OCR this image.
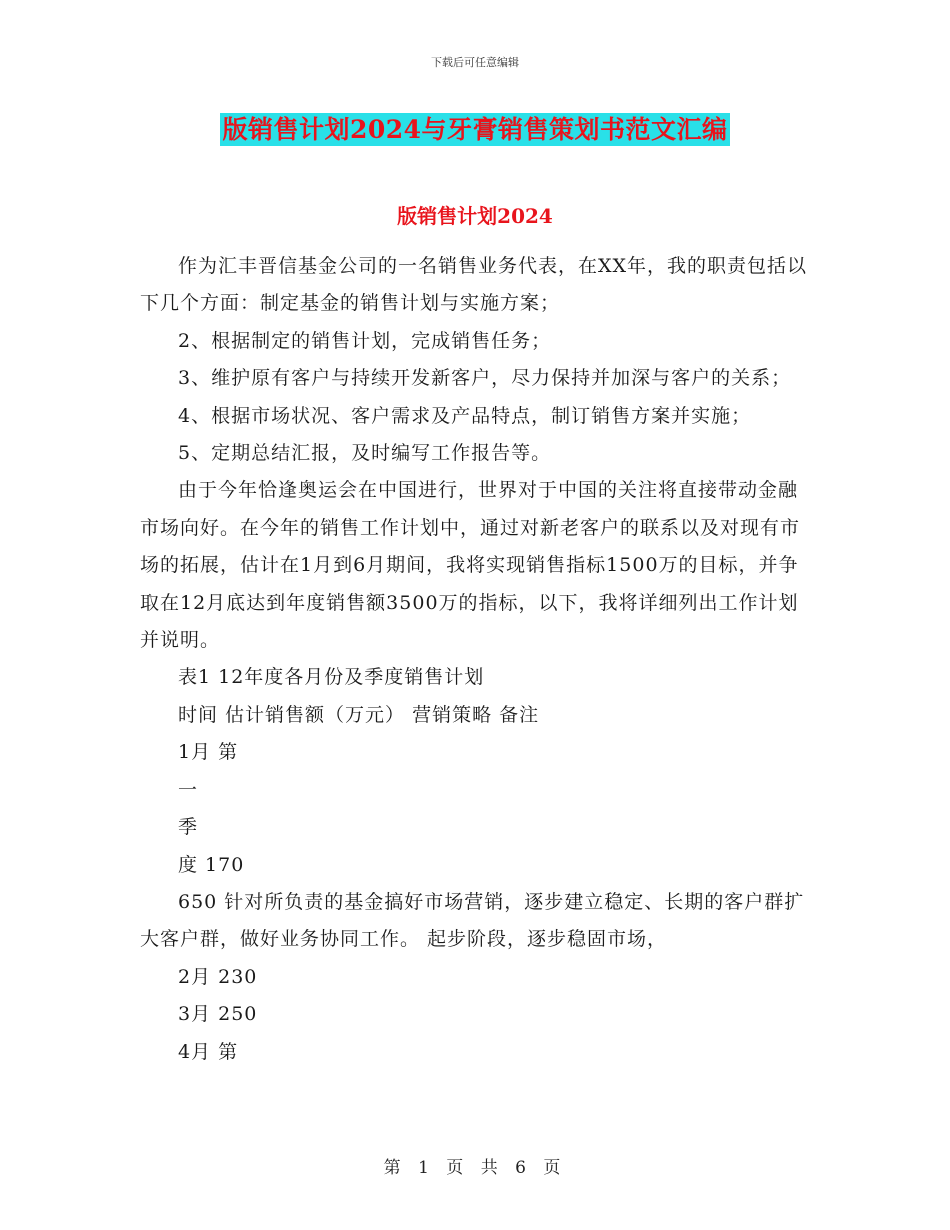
下载后可任意编辑
版销售计划2024与牙膏销售策划书范文汇编
版销售计划2024

作为汇丰晋信基金公司的一名销售业务代表，在XX年，我的职责包括以下几个方面：制定基金的销售计划与实施方案；

2、根据制定的销售计划，完成销售任务；

3、维护原有客户与持续开发新客户，尽力保持并加深与客户的关系；

4、根据市场状况、客户需求及产品特点，制订销售方案并实施；

5、定期总结汇报，及时编写工作报告等。

由于今年恰逢奥运会在中国进行，世界对于中国的关注将直接带动金融市场向好。在今年的销售工作计划中，通过对新老客户的联系以及对现有市场的拓展，估计在1月到6月期间，我将实现销售指标1500万的目标，并争取在12月底达到年度销售额3500万的指标，以下，我将详细列出工作计划并说明。

表1 12年度各月份及季度销售计划

时间 估计销售额（万元） 营销策略 备注

1月 第

一

季

度 170

650 针对所负责的基金搞好市场营销，逐步建立稳定、长期的客户群扩大客户群，做好业务协同工作。 起步阶段，逐步稳固市场，

2月 230

3月 250

4月 第

第 1 页 共 6 页
